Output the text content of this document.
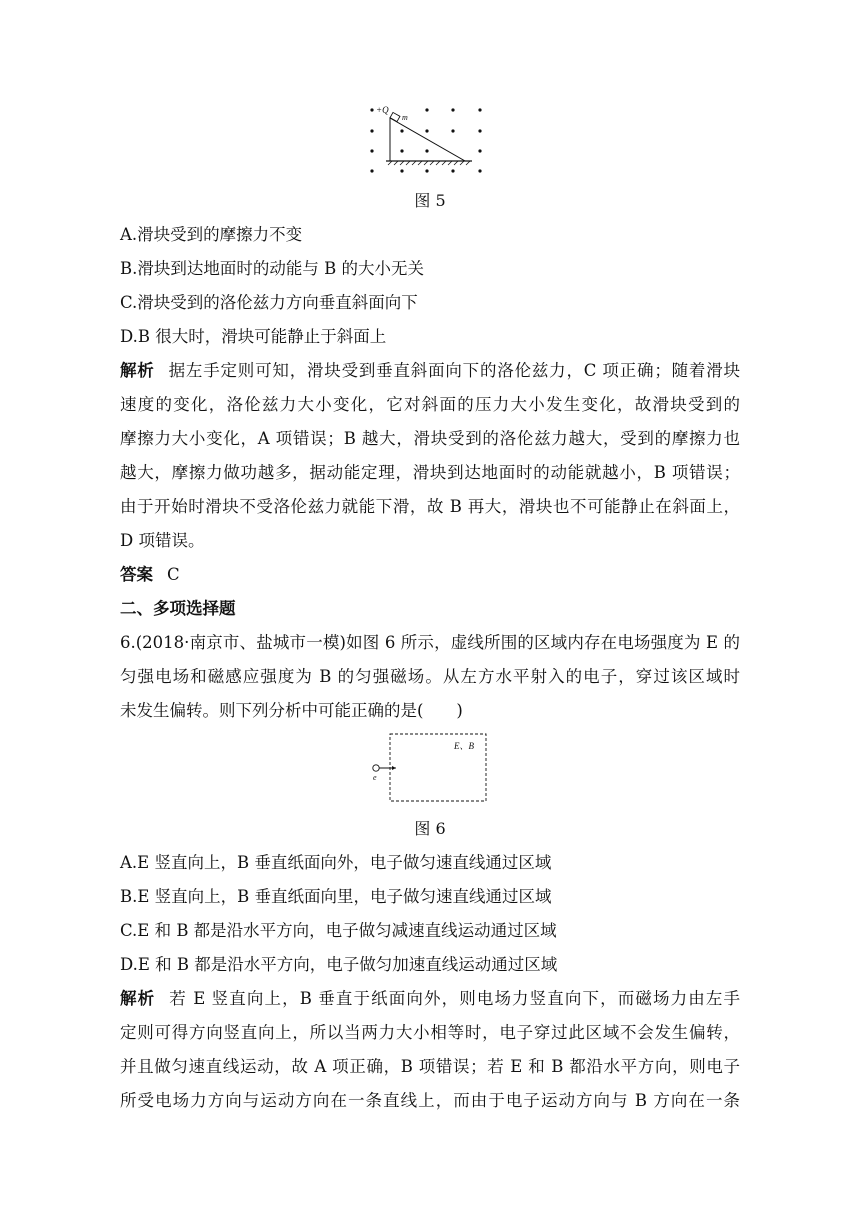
+Q
m
图 5
A.滑块受到的摩擦力不变
B.滑块到达地面时的动能与 B 的大小无关
C.滑块受到的洛伦兹力方向垂直斜面向下
D.B 很大时，滑块可能静止于斜面上
解析 据左手定则可知，滑块受到垂直斜面向下的洛伦兹力，C 项正确；随着滑块
速度的变化，洛伦兹力大小变化，它对斜面的压力大小发生变化，故滑块受到的
摩擦力大小变化，A 项错误；B 越大，滑块受到的洛伦兹力越大，受到的摩擦力也
越大，摩擦力做功越多，据动能定理，滑块到达地面时的动能就越小，B 项错误；
由于开始时滑块不受洛伦兹力就能下滑，故 B 再大，滑块也不可能静止在斜面上，
D 项错误。
答案 C
二、多项选择题
6.(2018·南京市、盐城市一模)如图 6 所示，虚线所围的区域内存在电场强度为 E 的
匀强电场和磁感应强度为 B 的匀强磁场。从左方水平射入的电子，穿过该区域时
未发生偏转。则下列分析中可能正确的是(　　)
E、B
e
图 6
A.E 竖直向上，B 垂直纸面向外，电子做匀速直线通过区域
B.E 竖直向上，B 垂直纸面向里，电子做匀速直线通过区域
C.E 和 B 都是沿水平方向，电子做匀减速直线运动通过区域
D.E 和 B 都是沿水平方向，电子做匀加速直线运动通过区域
解析 若 E 竖直向上，B 垂直于纸面向外，则电场力竖直向下，而磁场力由左手
定则可得方向竖直向上，所以当两力大小相等时，电子穿过此区域不会发生偏转，
并且做匀速直线运动，故 A 项正确，B 项错误；若 E 和 B 都沿水平方向，则电子
所受电场力方向与运动方向在一条直线上，而由于电子运动方向与 B 方向在一条
